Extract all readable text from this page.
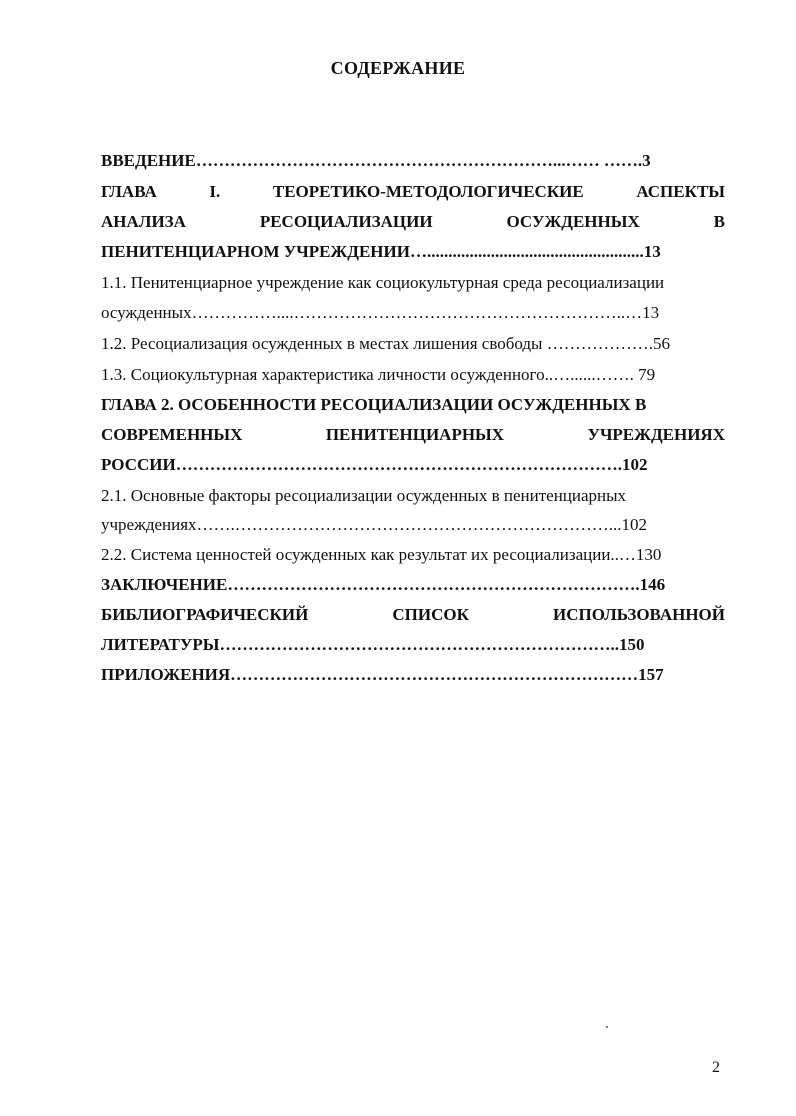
СОДЕРЖАНИЕ
ВВЕДЕНИЕ………………………………………………………...…… …….3
ГЛАВА	I.	ТЕОРЕТИКО-МЕТОДОЛОГИЧЕСКИЕ	АСПЕКТЫ
АНАЛИЗА	РЕСОЦИАЛИЗАЦИИ	ОСУЖДЕННЫХ	В
ПЕНИТЕНЦИАРНОМ УЧРЕЖДЕНИИ…...................................................13
1.1. Пенитенциарное учреждение как социокультурная среда ресоциализации
осужденных……………....…………………………………………………..…13
1.2. Ресоциализация осужденных в местах лишения свободы ……………….56
1.3. Социокультурная характеристика личности осужденного..…......……. 79
ГЛАВА 2. ОСОБЕННОСТИ РЕСОЦИАЛИЗАЦИИ ОСУЖДЕННЫХ В
СОВРЕМЕННЫХ	ПЕНИТЕНЦИАРНЫХ	УЧРЕЖДЕНИЯХ
РОССИИ…………………………………………………………………….102
2.1. Основные факторы ресоциализации осужденных в пенитенциарных
учреждениях…….…………………………………………………………...102
2.2. Система ценностей осужденных как результат их ресоциализации..…130
ЗАКЛЮЧЕНИЕ……………………………………………………………….146
БИБЛИОГРАФИЧЕСКИЙ	СПИСОК	ИСПОЛЬЗОВАННОЙ
ЛИТЕРАТУРЫ……………………………………………………………..150
ПРИЛОЖЕНИЯ………………………………………………………………157
2
